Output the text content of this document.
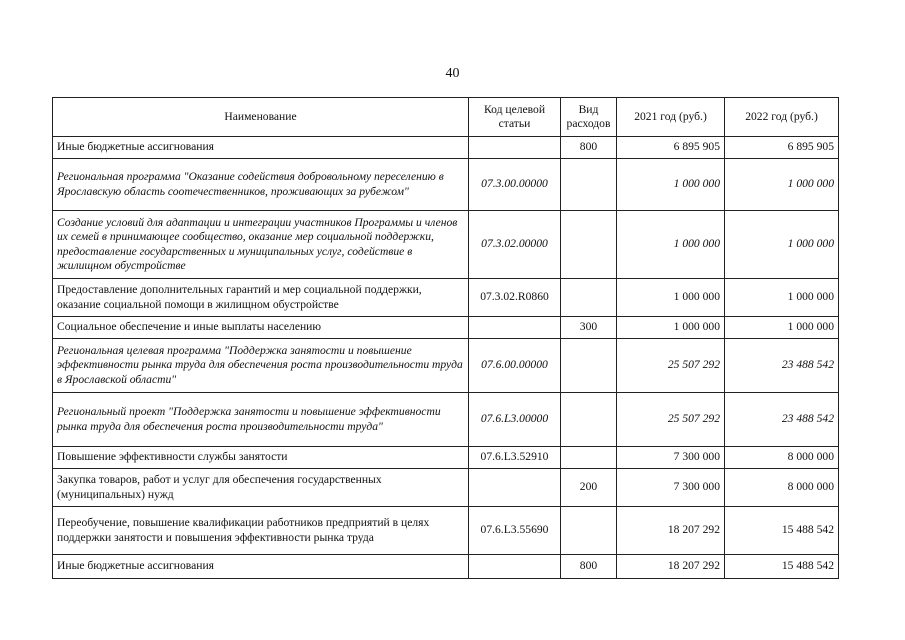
40
Наименование	Код целевой статьи	Вид расходов	2021 год (руб.)	2022 год (руб.)
Иные бюджетные ассигнования		800	6 895 905	6 895 905
Региональная программа "Оказание содействия добровольному переселению в Ярославскую область соотечественников, проживающих за рубежом"	07.3.00.00000		1 000 000	1 000 000
Создание условий для адаптации и интеграции участников Программы и членов их семей в принимающее сообщество, оказание мер социальной поддержки, предоставление государственных и муниципальных услуг, содействие в жилищном обустройстве	07.3.02.00000		1 000 000	1 000 000
Предоставление дополнительных гарантий и мер социальной поддержки, оказание социальной помощи в жилищном обустройстве	07.3.02.R0860		1 000 000	1 000 000
Социальное обеспечение и иные выплаты населению		300	1 000 000	1 000 000
Региональная целевая программа "Поддержка занятости и повышение эффективности рынка труда для обеспечения роста производительности труда в Ярославской области"	07.6.00.00000		25 507 292	23 488 542
Региональный проект "Поддержка занятости и повышение эффективности рынка труда для обеспечения роста производительности труда"	07.6.L3.00000		25 507 292	23 488 542
Повышение эффективности службы занятости	07.6.L3.52910		7 300 000	8 000 000
Закупка товаров, работ и услуг для обеспечения государственных (муниципальных) нужд		200	7 300 000	8 000 000
Переобучение, повышение квалификации работников предприятий в целях поддержки занятости и повышения эффективности рынка труда	07.6.L3.55690		18 207 292	15 488 542
Иные бюджетные ассигнования		800	18 207 292	15 488 542
